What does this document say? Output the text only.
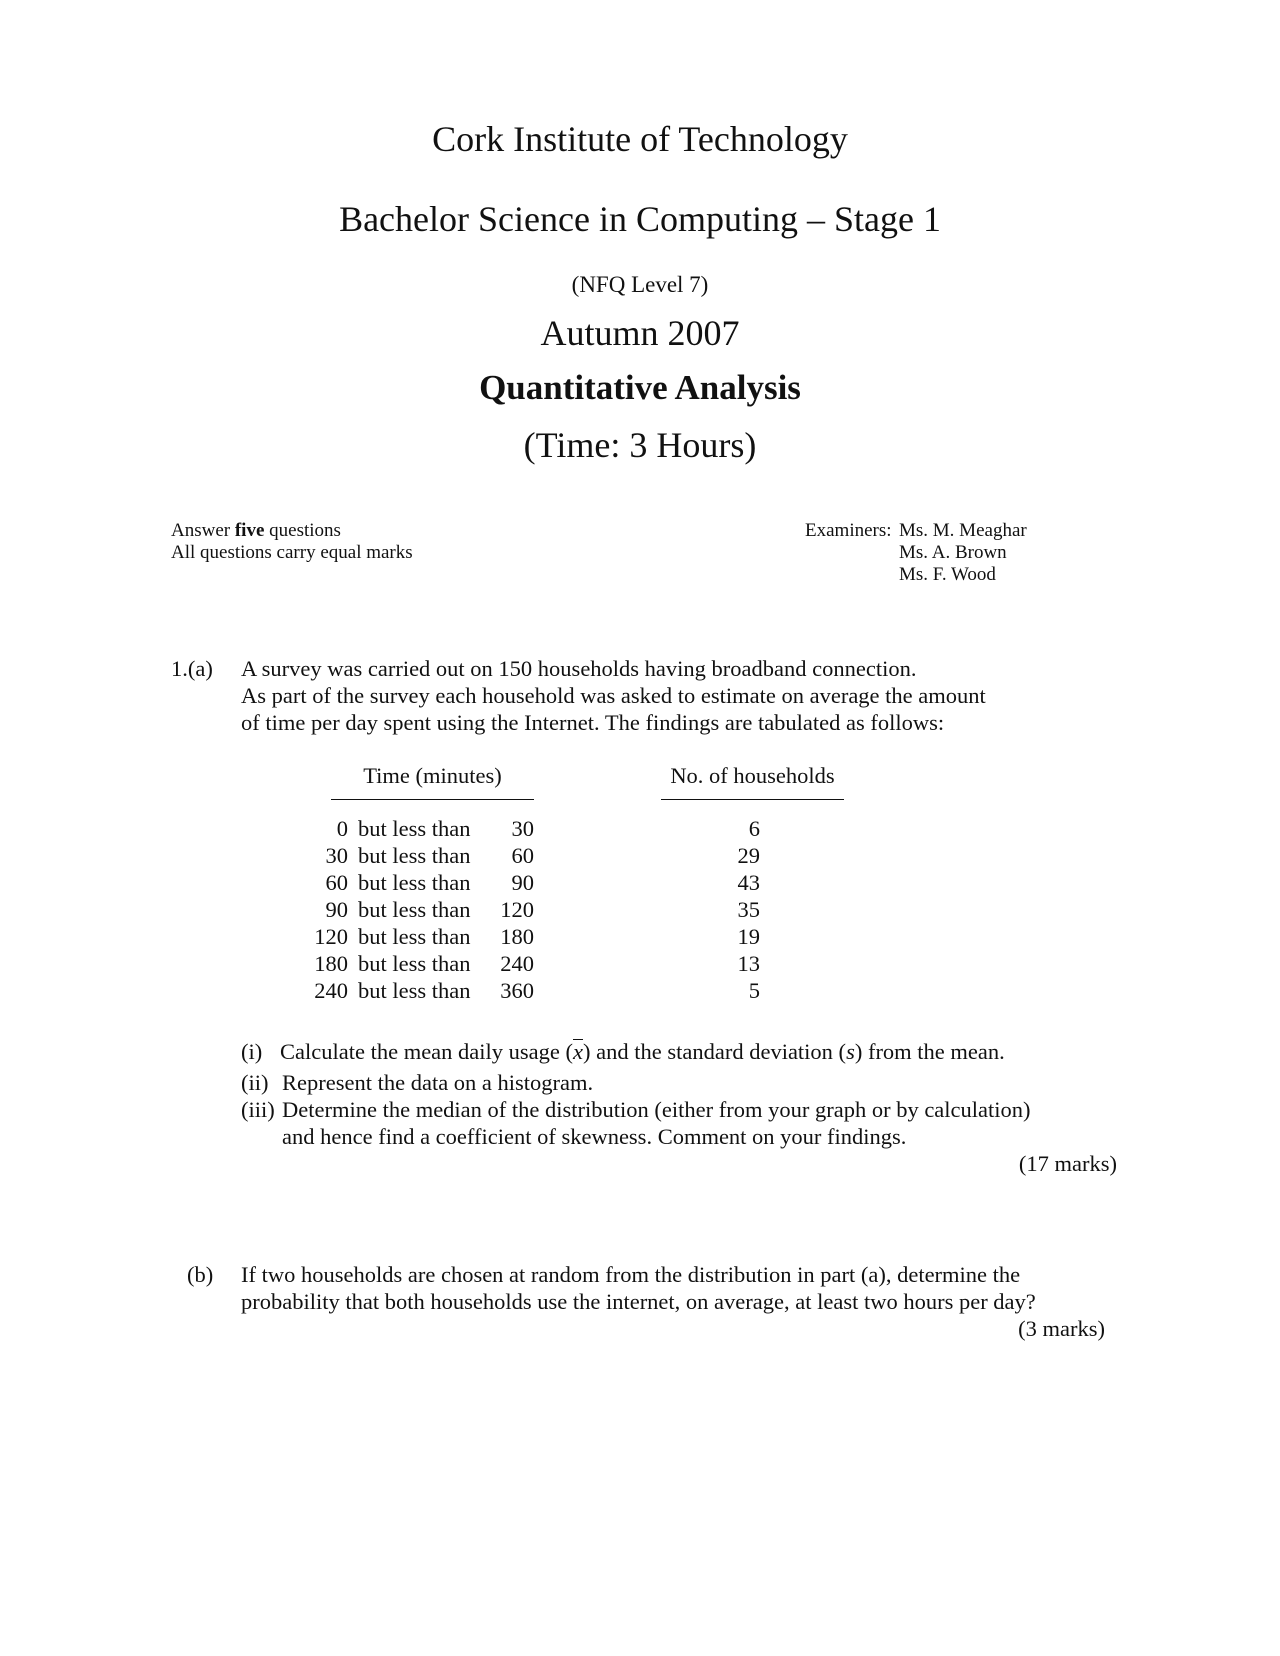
Cork Institute of Technology
Bachelor Science in Computing – Stage 1
(NFQ Level 7)
Autumn 2007
Quantitative Analysis
(Time: 3 Hours)
Answer five questions
All questions carry equal marks
Examiners: Ms. M. Meaghar
Ms. A. Brown
Ms. F. Wood
1.(a) A survey was carried out on 150 households having broadband connection.
As part of the survey each household was asked to estimate on average the amount
of time per day spent using the Internet. The findings are tabulated as follows:
Time (minutes)	No. of households
0	but less than	30		6
30	but less than	60		29
60	but less than	90		43
90	but less than	120		35
120	but less than	180		19
180	but less than	240		13
240	but less than	360		5
(i) Calculate the mean daily usage (x) and the standard deviation (s) from the mean.
(ii) Represent the data on a histogram.
(iii) Determine the median of the distribution (either from your graph or by calculation)
and hence find a coefficient of skewness. Comment on your findings.
(17 marks)
(b) If two households are chosen at random from the distribution in part (a), determine the
probability that both households use the internet, on average, at least two hours per day?
(3 marks)
